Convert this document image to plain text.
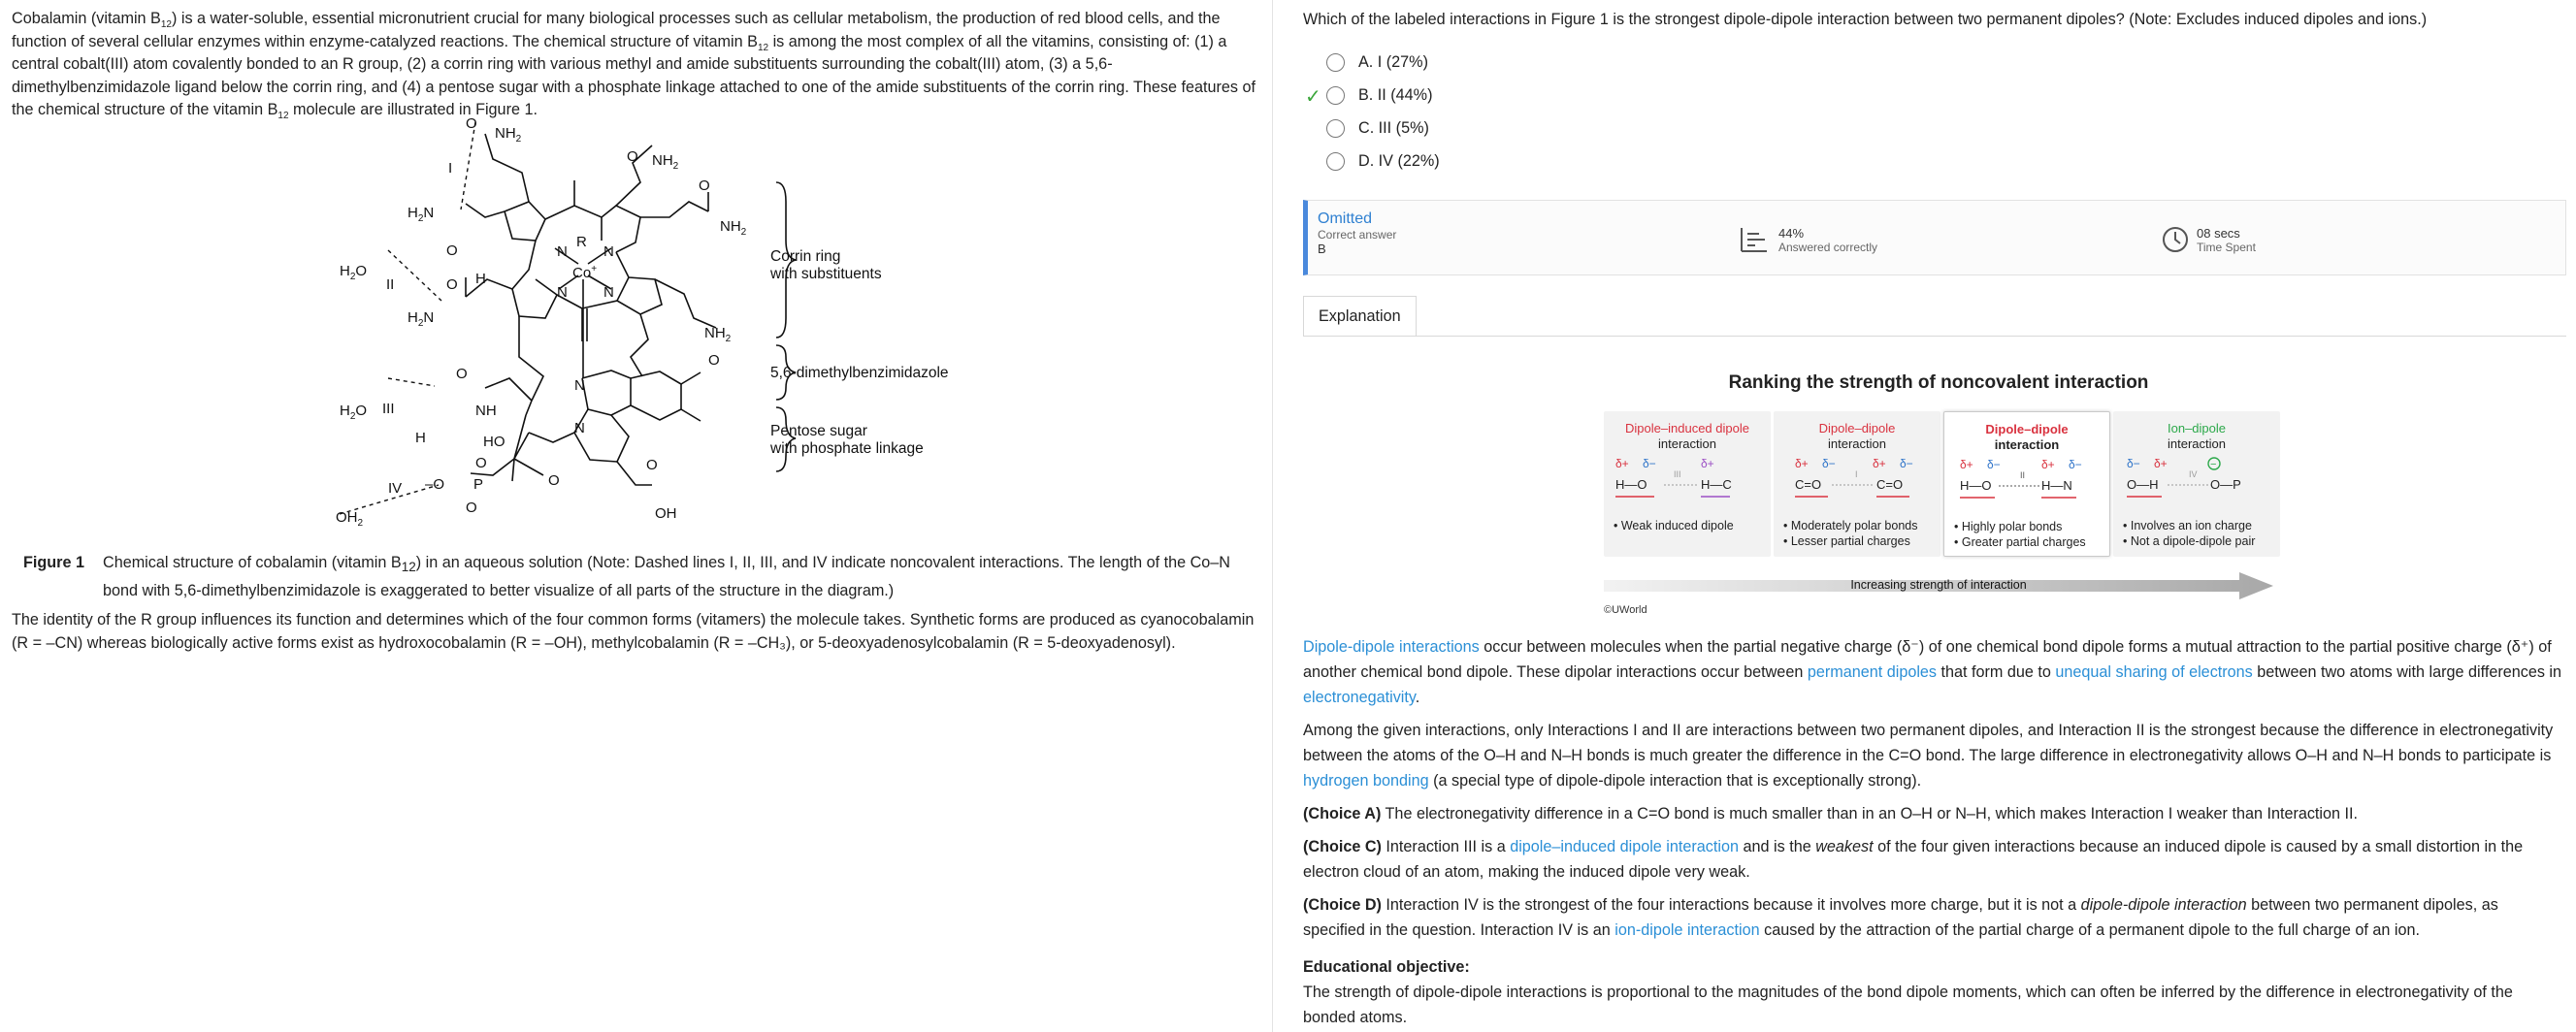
Cobalamin (vitamin $B_{12}$) is a water-soluble, essential micronutrient crucial for many biological processes such as cellular metabolism, the production of red blood cells, and the function of several cellular enzymes within enzyme-catalyzed reactions. The chemical structure of vitamin $B_{12}$ is among the most complex of all the vitamins, consisting of: (1) a central cobalt(III) atom covalently bonded to an R group, (2) a corrin ring with various methyl and amide substituents surrounding the cobalt(III) atom, (3) a 5,6-dimethylbenzimidazole ligand below the corrin ring, and (4) a pentose sugar with a phosphate linkage attached to one of the amide substituents of the corrin ring. These features of the chemical structure of the vitamin $B_{12}$ molecule are illustrated in Figure 1.

O
$NH_2$
O $NH_2$
O
$NH_2$
$H_2N$
O	N N
N N
R
Co+
H
O
$H_2N$
$NH_2$
O
O
NH
N
N
H	HO
O
O
–O P
O	OH
O
$H_2O$
$H_2O$
$OH_2$
I
II
III
IV
Corrin ring
with substituents
5,6-dimethylbenzimidazole
Pentose sugar
with phosphate linkage
Figure 1 Chemical structure of cobalamin (vitamin $B_{12}$) in an aqueous solution (Note: Dashed lines I, II, III, and IV indicate noncovalent interactions. The length of the Co–N bond with 5,6-dimethylbenzimidazole is exaggerated to better visualize of all parts of the structure in the diagram.)

The identity of the R group influences its function and determines which of the four common forms (vitamers) the molecule takes. Synthetic forms are produced as cyanocobalamin (R = –CN) whereas biologically active forms exist as hydroxocobalamin (R = –OH), methylcobalamin (R = –CH₃), or 5-deoxyadenosylcobalamin (R = 5-deoxyadenosyl).

Which of the labeled interactions in Figure 1 is the strongest dipole-dipole interaction between two permanent dipoles? (Note: Excludes induced dipoles and ions.)

A. I (27%)
✓ B. II (44%)
C. III (5%)
D. IV (22%)
Omitted
Correct answer
B
44%
Answered correctly
08 secs
Time Spent
Explanation
Ranking the strength of noncovalent interaction
Dipole–induced dipole
interaction
δ+ δ−	δ+
III
H—O	H—C
• Weak induced dipole
Dipole–dipole
interaction
δ+ δ−	δ+ δ−
I
C=O	C=O
• Moderately polar bonds
• Lesser partial charges
Dipole–dipole
interaction
δ+ δ−	δ+ δ−
II
H—O	H—N
• Highly polar bonds
• Greater partial charges
Ion–dipole
interaction
δ− δ+	−
IV
O—H	O—P
• Involves an ion charge
• Not a dipole-dipole pair
Increasing strength of interaction
©UWorld

Dipole-dipole interactions occur between molecules when the partial negative charge (δ⁻) of one chemical bond dipole forms a mutual attraction to the partial positive charge (δ⁺) of another chemical bond dipole. These dipolar interactions occur between permanent dipoles that form due to unequal sharing of electrons between two atoms with large differences in electronegativity.

Among the given interactions, only Interactions I and II are interactions between two permanent dipoles, and Interaction II is the strongest because the difference in electronegativity between the atoms of the O–H and N–H bonds is much greater the difference in the C=O bond. The large difference in electronegativity allows O–H and N–H bonds to participate is hydrogen bonding (a special type of dipole-dipole interaction that is exceptionally strong).

(Choice A) The electronegativity difference in a C=O bond is much smaller than in an O–H or N–H, which makes Interaction I weaker than Interaction II.

(Choice C) Interaction III is a dipole–induced dipole interaction and is the weakest of the four given interactions because an induced dipole is caused by a small distortion in the electron cloud of an atom, making the induced dipole very weak.

(Choice D) Interaction IV is the strongest of the four interactions because it involves more charge, but it is not a dipole-dipole interaction between two permanent dipoles, as specified in the question. Interaction IV is an ion-dipole interaction caused by the attraction of the partial charge of a permanent dipole to the full charge of an ion.

Educational objective:

The strength of dipole-dipole interactions is proportional to the magnitudes of the bond dipole moments, which can often be inferred by the difference in electronegativity of the bonded atoms.
